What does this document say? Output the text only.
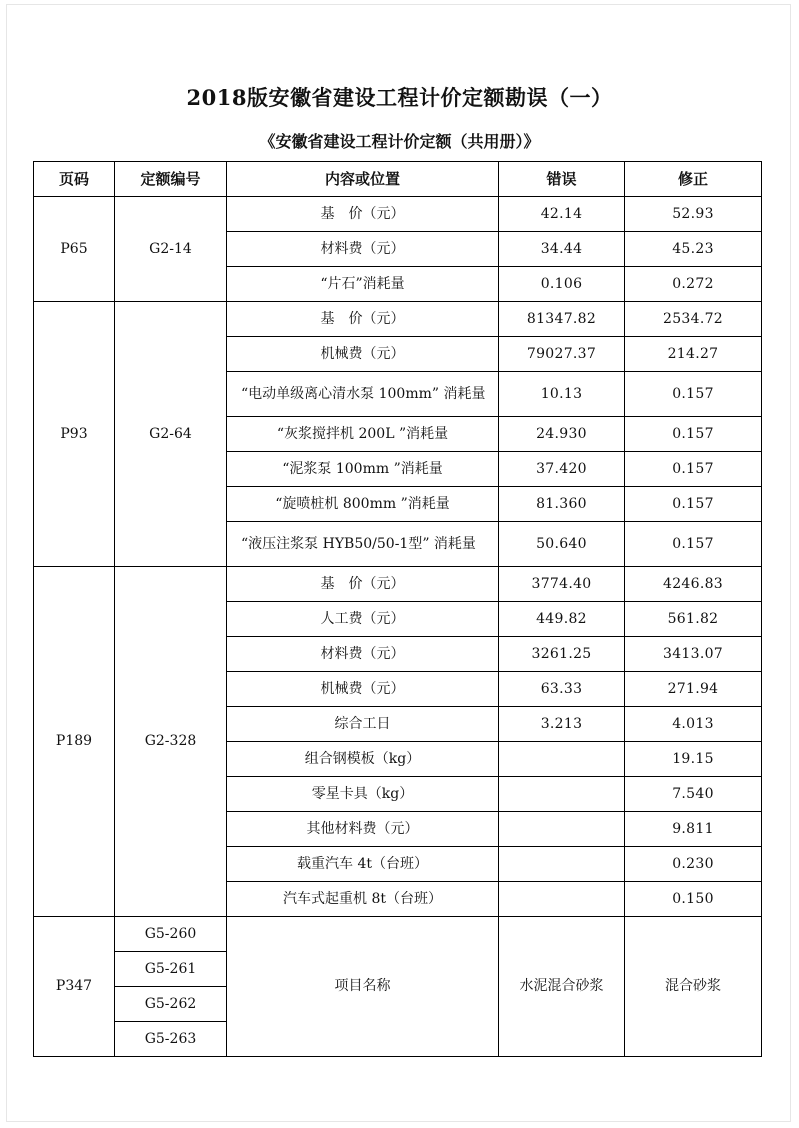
2018版安徽省建设工程计价定额勘误（一）
《安徽省建设工程计价定额（共用册）》
页码	定额编号	内容或位置	错误	修正
P65	G2-14	基　价（元）	42.14	52.93
		材料费（元）	34.44	45.23
		“片石”消耗量	0.106	0.272
P93	G2-64	基　价（元）	81347.82	2534.72
		机械费（元）	79027.37	214.27
		“电动单级离心清水泵 100mm” 消耗量	10.13	0.157
		“灰浆搅拌机 200L ”消耗量	24.930	0.157
		“泥浆泵 100mm ”消耗量	37.420	0.157
		“旋喷桩机 800mm ”消耗量	81.360	0.157
		“液压注浆泵 HYB50/50-1型” 消耗量	50.640	0.157
P189	G2-328	基　价（元）	3774.40	4246.83
		人工费（元）	449.82	561.82
		材料费（元）	3261.25	3413.07
		机械费（元）	63.33	271.94
		综合工日	3.213	4.013
		组合钢模板（kg）		19.15
		零星卡具（kg）		7.540
		其他材料费（元）		9.811
		载重汽车 4t（台班）		0.230
		汽车式起重机 8t（台班）		0.150
P347	G5-260	项目名称	水泥混合砂浆	混合砂浆
	G5-261			
	G5-262			
	G5-263			
